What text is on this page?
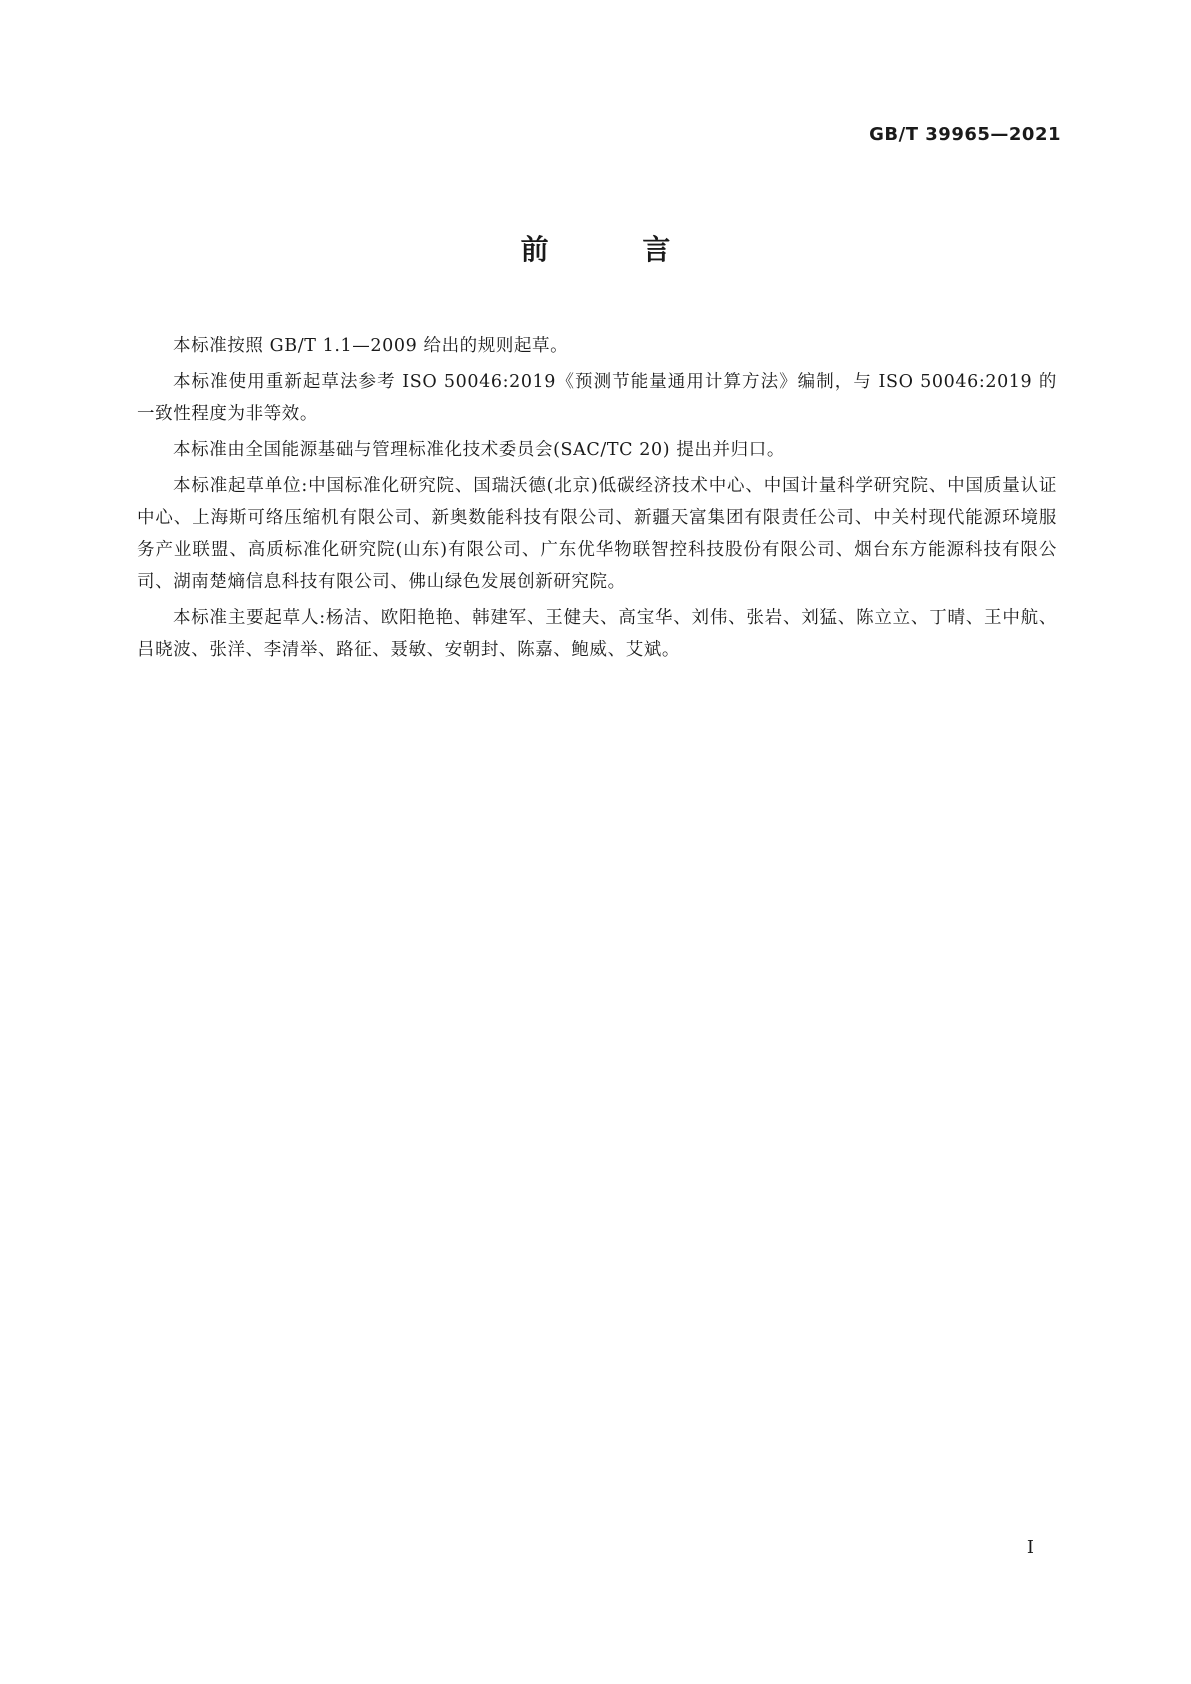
GB/T 39965—2021
前 言

本标准按照 GB/T 1.1—2009 给出的规则起草。

本标准使用重新起草法参考 ISO 50046:2019《预测节能量通用计算方法》编制，与 ISO 50046:2019 的一致性程度为非等效。

本标准由全国能源基础与管理标准化技术委员会(SAC/TC 20) 提出并归口。

本标准起草单位:中国标准化研究院、国瑞沃德(北京)低碳经济技术中心、中国计量科学研究院、中国质量认证中心、上海斯可络压缩机有限公司、新奥数能科技有限公司、新疆天富集团有限责任公司、中关村现代能源环境服务产业联盟、高质标准化研究院(山东)有限公司、广东优华物联智控科技股份有限公司、烟台东方能源科技有限公司、湖南楚熵信息科技有限公司、佛山绿色发展创新研究院。

本标准主要起草人:杨洁、欧阳艳艳、韩建军、王健夫、高宝华、刘伟、张岩、刘猛、陈立立、丁晴、王中航、吕晓波、张洋、李清举、路征、聂敏、安朝封、陈嘉、鲍威、艾斌。

I
